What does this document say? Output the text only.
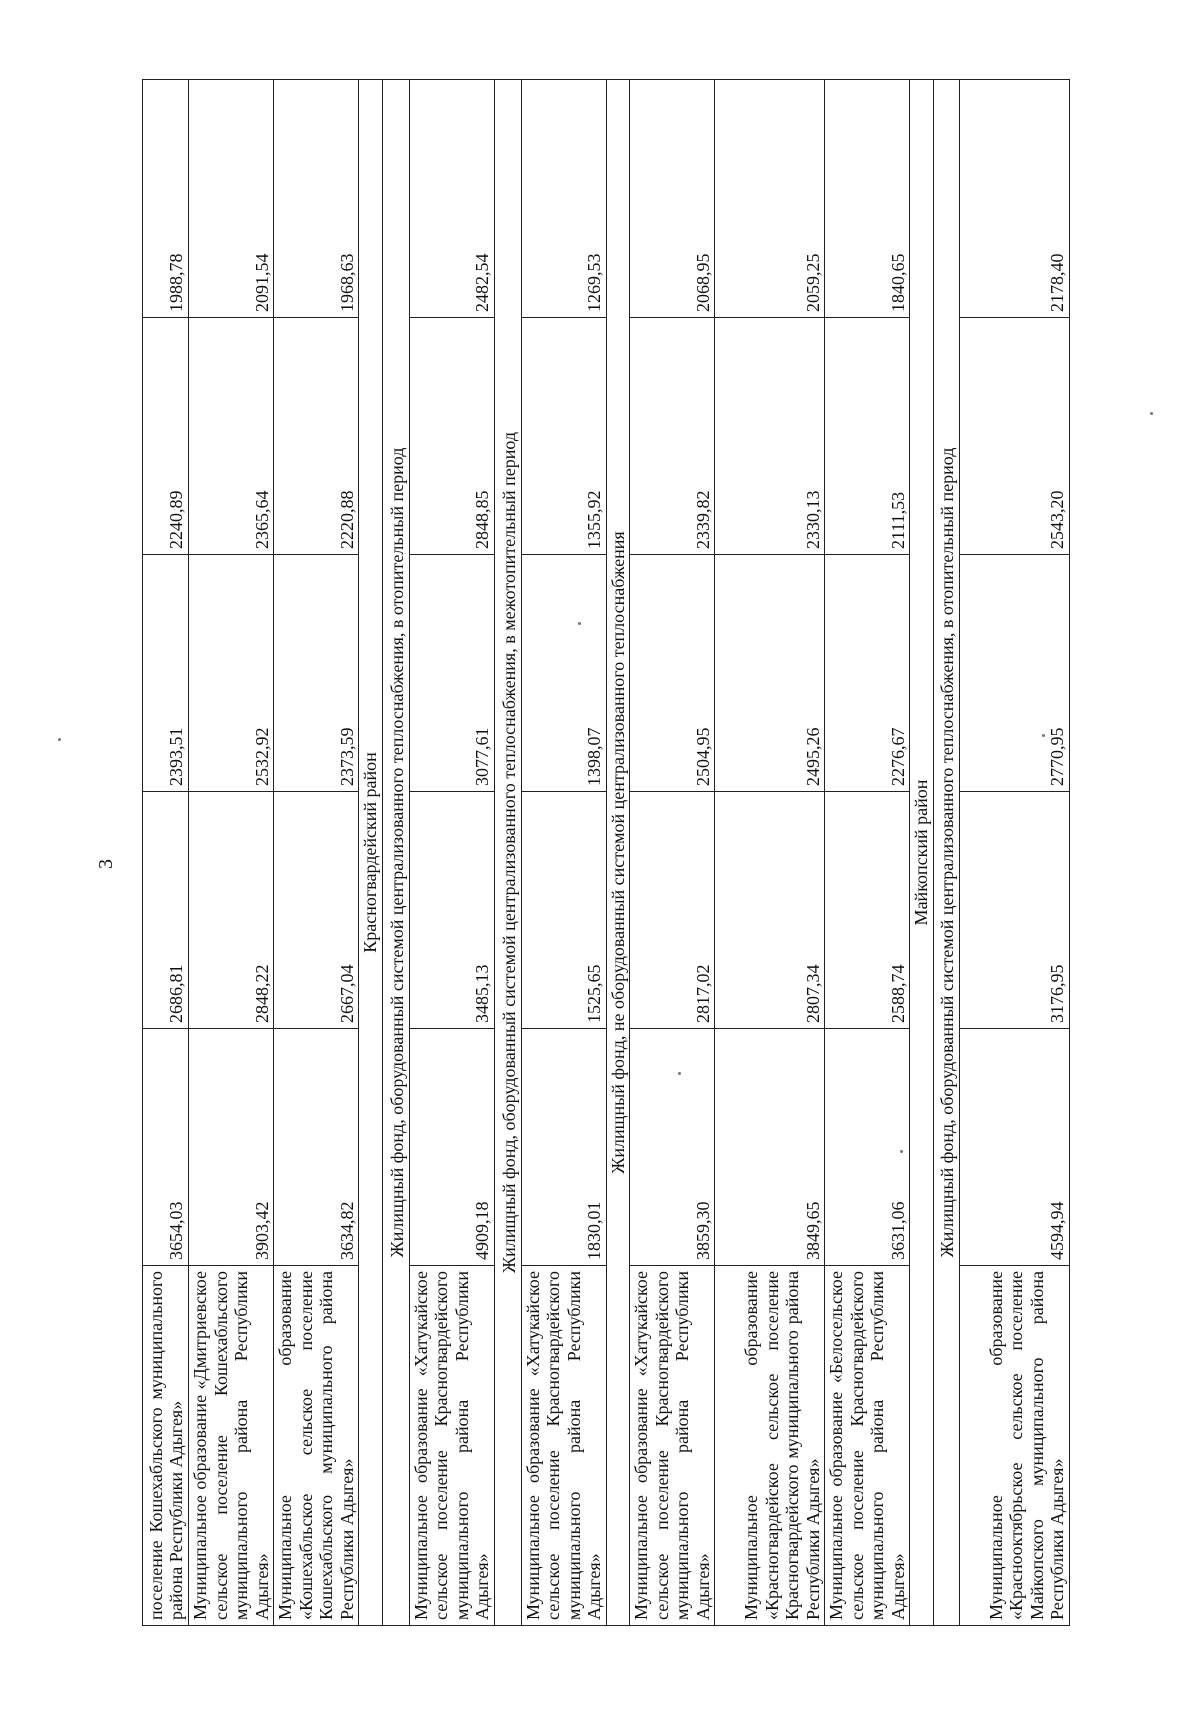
3
поселение Кошехабльского муниципального района Республики Адыгея»	3654,03	2686,81	2393,51	2240,89	1988,78
Муниципальное образование «Дмитриевское сельское поселение Кошехабльского муниципального района Республики Адыгея»	3903,42	2848,22	2532,92	2365,64	2091,54
Муниципальное образование «Кошехабльское сельское поселение Кошехабльского муниципального района Республики Адыгея»	3634,82	2667,04	2373,59	2220,88	1968,63
Красногвардейский район					
Жилищный фонд, оборудованный системой централизованного теплоснабжения, в отопительный период					
Муниципальное образование «Хатукайское сельское поселение Красногвардейского муниципального района Республики Адыгея»	4909,18	3485,13	3077,61	2848,85	2482,54
Жилищный фонд, оборудованный системой централизованного теплоснабжения, в межотопительный период					
Муниципальное образование «Хатукайское сельское поселение Красногвардейского муниципального района Республики Адыгея»	1830,01	1525,65	1398,07	1355,92	1269,53
Жилищный фонд, не оборудованный системой централизованного теплоснабжения					
Муниципальное образование «Хатукайское сельское поселение Красногвардейского муниципального района Республики Адыгея»	3859,30	2817,02	2504,95	2339,82	2068,95
Муниципальное образование «Красногвардейское сельское поселение Красногвардейского муниципального района Республики Адыгея»	3849,65	2807,34	2495,26	2330,13	2059,25
Муниципальное образование «Белосельское сельское поселение Красногвардейского муниципального района Республики Адыгея»	3631,06	2588,74	2276,67	2111,53	1840,65
Майкопский район					
Жилищный фонд, оборудованный системой централизованного теплоснабжения, в отопительный период					
Муниципальное образование «Краснооктябрьское сельское поселение Майкопского муниципального района Республики Адыгея»	4594,94	3176,95	2770,95	2543,20	2178,40
